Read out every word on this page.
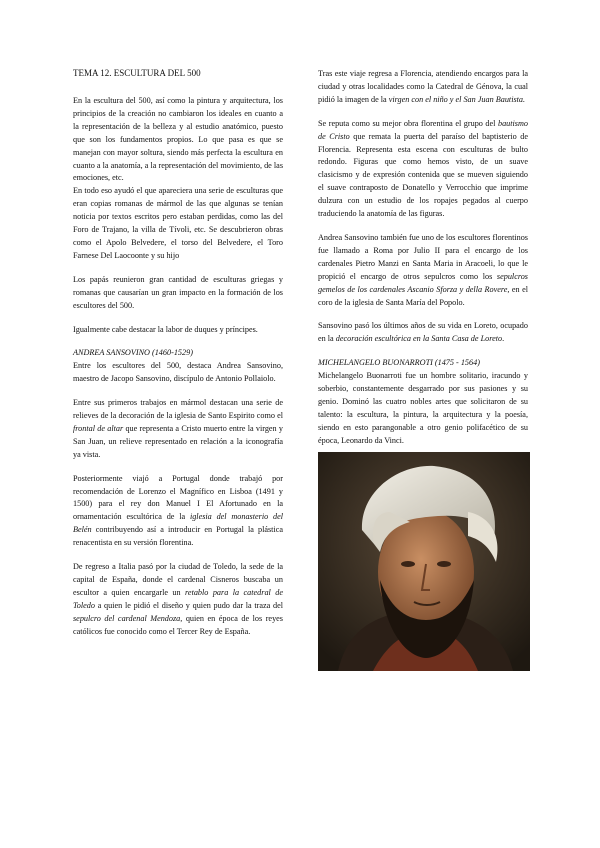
TEMA 12. ESCULTURA DEL 500

En la escultura del 500, así como la pintura y arquitectura, los principios de la creación no cambiaron los ideales en cuanto a la representación de la belleza y al estudio anatómico, puesto que son los fundamentos propios. Lo que pasa es que se manejan con mayor soltura, siendo más perfecta la escultura en cuanto a la anatomía, a la representación del movimiento, de las emociones, etc.

En todo eso ayudó el que apareciera una serie de esculturas que eran copias romanas de mármol de las que algunas se tenían noticia por textos escritos pero estaban perdidas, como las del Foro de Trajano, la villa de Tívoli, etc. Se descubrieron obras como el Apolo Belvedere, el torso del Belvedere, el Toro Farnese Del Laocoonte y su hijo

Los papás reunieron gran cantidad de esculturas griegas y romanas que causarían un gran impacto en la formación de los escultores del 500.

Igualmente cabe destacar la labor de duques y príncipes.

ANDREA SANSOVINO (1460-1529)

Entre los escultores del 500, destaca Andrea Sansovino, maestro de Jacopo Sansovino, discípulo de Antonio Pollaiolo.

Entre sus primeros trabajos en mármol destacan una serie de relieves de la decoración de la iglesia de Santo Espirito como el frontal de altar que representa a Cristo muerto entre la virgen y San Juan, un relieve representado en relación a la iconografía ya vista.

Posteriormente viajó a Portugal donde trabajó por recomendación de Lorenzo el Magnífico en Lisboa (1491 y 1500) para el rey don Manuel I El Afortunado en la ornamentación escultórica de la iglesia del monasterio del Belén contribuyendo así a introducir en Portugal la plástica renacentista en su versión florentina.

De regreso a Italia pasó por la ciudad de Toledo, la sede de la capital de España, donde el cardenal Cisneros buscaba un escultor a quien encargarle un retablo para la catedral de Toledo a quien le pidió el diseño y quien pudo dar la traza del sepulcro del cardenal Mendoza, quien en época de los reyes católicos fue conocido como el Tercer Rey de España.

Tras este viaje regresa a Florencia, atendiendo encargos para la ciudad y otras localidades como la Catedral de Génova, la cual pidió la imagen de la virgen con el niño y el San Juan Bautista.

Se reputa como su mejor obra florentina el grupo del bautismo de Cristo que remata la puerta del paraíso del baptisterio de Florencia. Representa esta escena con esculturas de bulto redondo. Figuras que como hemos visto, de un suave clasicismo y de expresión contenida que se mueven siguiendo el suave contraposto de Donatello y Verrocchio que imprime dulzura con un estudio de los ropajes pegados al cuerpo traduciendo la anatomía de las figuras.

Andrea Sansovino también fue uno de los escultores florentinos fue llamado a Roma por Julio II para el encargo de los cardenales Pietro Manzi en Santa Maria in Aracoeli, lo que le propició el encargo de otros sepulcros como los sepulcros gemelos de los cardenales Ascanio Sforza y della Rovere, en el coro de la iglesia de Santa María del Popolo.

Sansovino pasó los últimos años de su vida en Loreto, ocupado en la decoración escultórica en la Santa Casa de Loreto.

MICHELANGELO BUONARROTI (1475 - 1564)

Michelangelo Buonarroti fue un hombre solitario, iracundo y soberbio, constantemente desgarrado por sus pasiones y su genio. Dominó las cuatro nobles artes que solicitaron de su talento: la escultura, la pintura, la arquitectura y la poesía, siendo en esto parangonable a otro genio polifacético de su época, Leonardo da Vinci.
